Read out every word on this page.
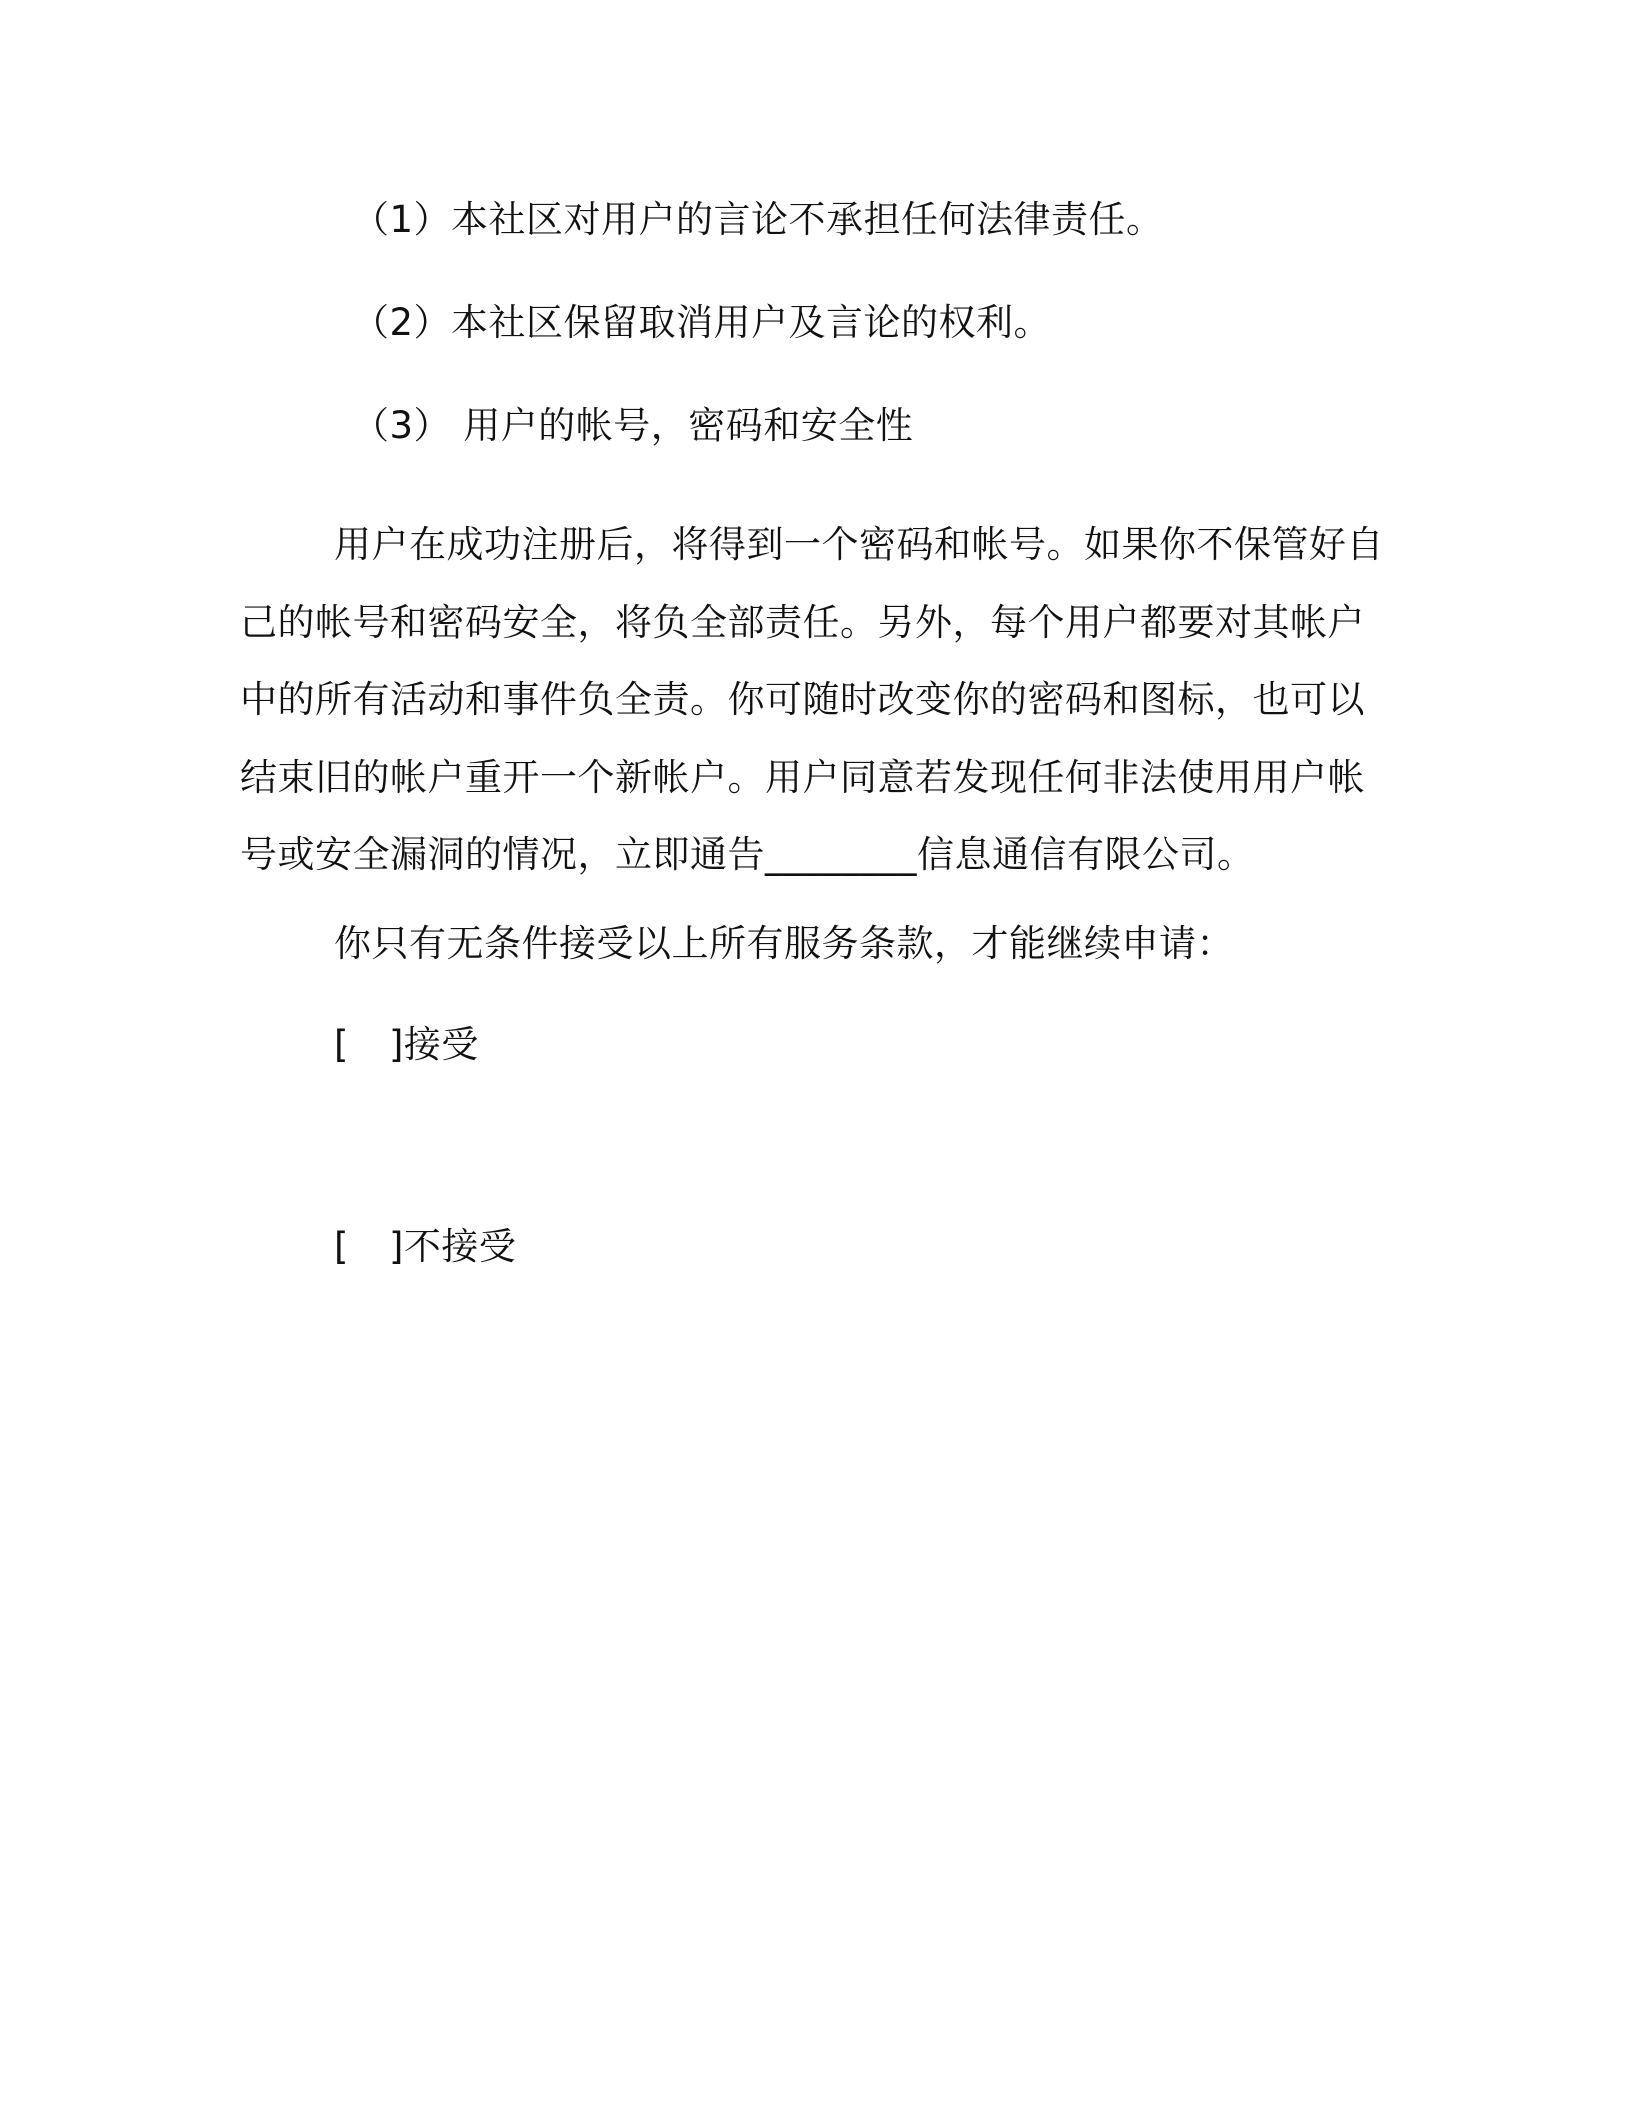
（1）本社区对用户的言论不承担任何法律责任。
（2）本社区保留取消用户及言论的权利。
（3） 用户的帐号，密码和安全性
用户在成功注册后，将得到一个密码和帐号。如果你不保管好自
己的帐号和密码安全，将负全部责任。另外，每个用户都要对其帐户
中的所有活动和事件负全责。你可随时改变你的密码和图标，也可以
结束旧的帐户重开一个新帐户。用户同意若发现任何非法使用用户帐
号或安全漏洞的情况，立即通告________信息通信有限公司。
你只有无条件接受以上所有服务条款，才能继续申请：
[ ]接受
[ ]不接受
